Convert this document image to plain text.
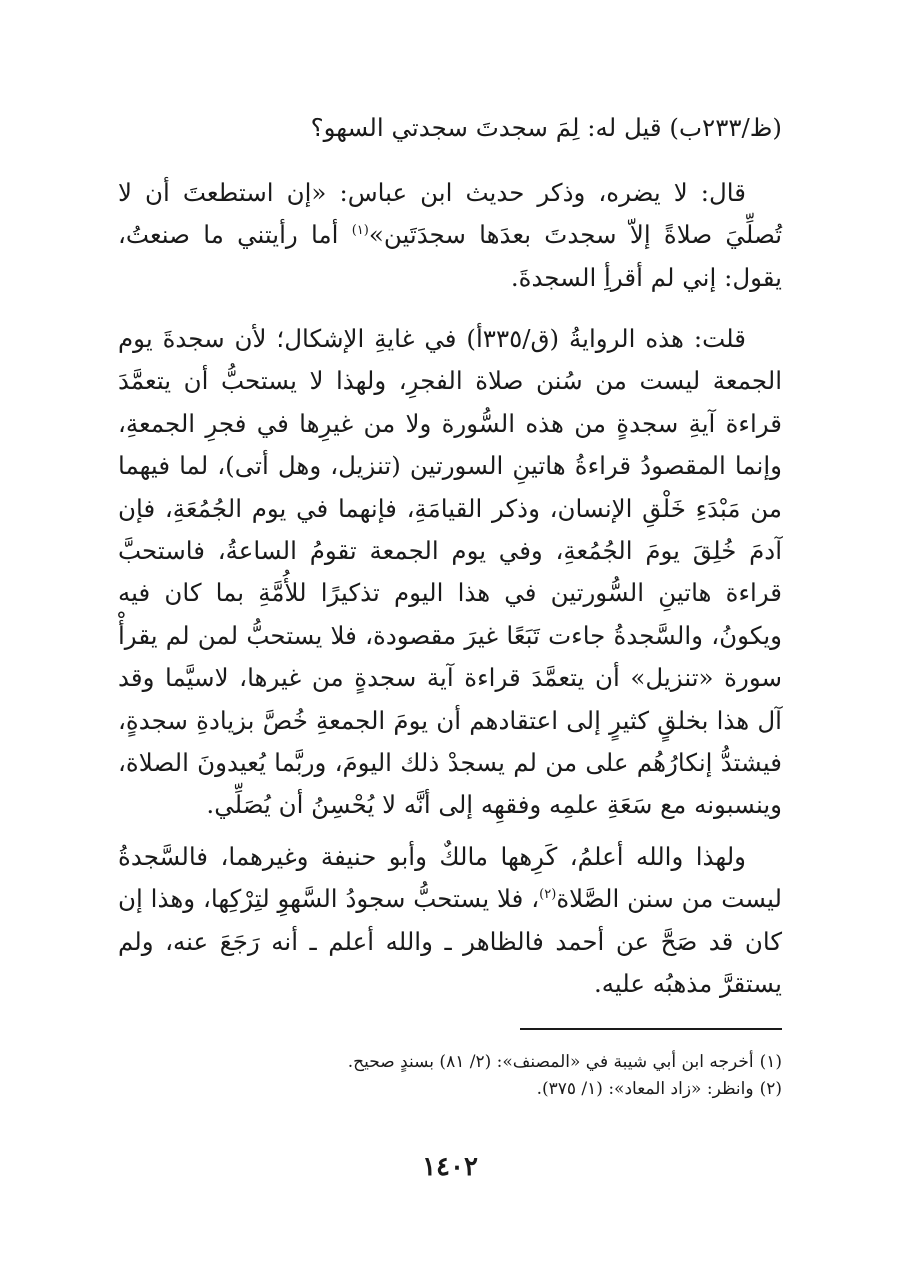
(ظ/٢٣٣ب) قيل له: لِمَ سجدتَ سجدتي السهو؟

قال: لا يضره، وذكر حديث ابن عباس: «إن استطعتَ أن لا تُصلِّيَ صلاةً إلاّ سجدتَ بعدَها سجدَتَين»$^{(١)}$ أما رأيتني ما صنعتُ، يقول: إني لم أقرأِ السجدةَ.

قلت: هذه الروايةُ (ق/٣٣٥أ) في غايةِ الإشكال؛ لأن سجدةَ يوم الجمعة ليست من سُنن صلاة الفجرِ، ولهذا لا يستحبُّ أن يتعمَّدَ قراءة آيةِ سجدةٍ من هذه السُّورة ولا من غيرِها في فجرِ الجمعةِ، وإنما المقصودُ قراءةُ هاتينِ السورتين (تنزيل، وهل أتى)، لما فيهما من مَبْدَءِ خَلْقِ الإنسان، وذكر القيامَةِ، فإنهما في يوم الجُمُعَةِ، فإن آدمَ خُلِقَ يومَ الجُمُعةِ، وفي يوم الجمعة تقومُ الساعةُ، فاستحبَّ قراءة هاتينِ السُّورتين في هذا اليوم تذكيرًا للأُمَّةِ بما كان فيه ويكونُ، والسَّجدةُ جاءت تَبَعًا غيرَ مقصودة، فلا يستحبُّ لمن لم يقرأْ سورة «تنزيل» أن يتعمَّدَ قراءة آية سجدةٍ من غيرها، لاسيَّما وقد آل هذا بخلقٍ كثيرٍ إلى اعتقادهم أن يومَ الجمعةِ خُصَّ بزيادةِ سجدةٍ، فيشتدُّ إنكارُهُم على من لم يسجدْ ذلك اليومَ، وربَّما يُعيدونَ الصلاة، وينسبونه مع سَعَةِ علمِه وفقهِه إلى أنَّه لا يُحْسِنُ أن يُصَلِّي.

ولهذا والله أعلمُ، كَرِهها مالكٌ وأبو حنيفة وغيرهما، فالسَّجدةُ ليست من سنن الصَّلاة$^{(٢)}$، فلا يستحبُّ سجودُ السَّهوِ لتِرْكِها، وهذا إن كان قد صَحَّ عن أحمد فالظاهر ـ والله أعلم ـ أنه رَجَعَ عنه، ولم يستقرَّ مذهبُه عليه.

(١)أخرجه ابن أبي شيبة في «المصنف»: (٢/ ٨١) بسندٍ صحيح.

(٢)وانظر: «زاد المعاد»: (١/ ٣٧٥).

١٤٠٢
